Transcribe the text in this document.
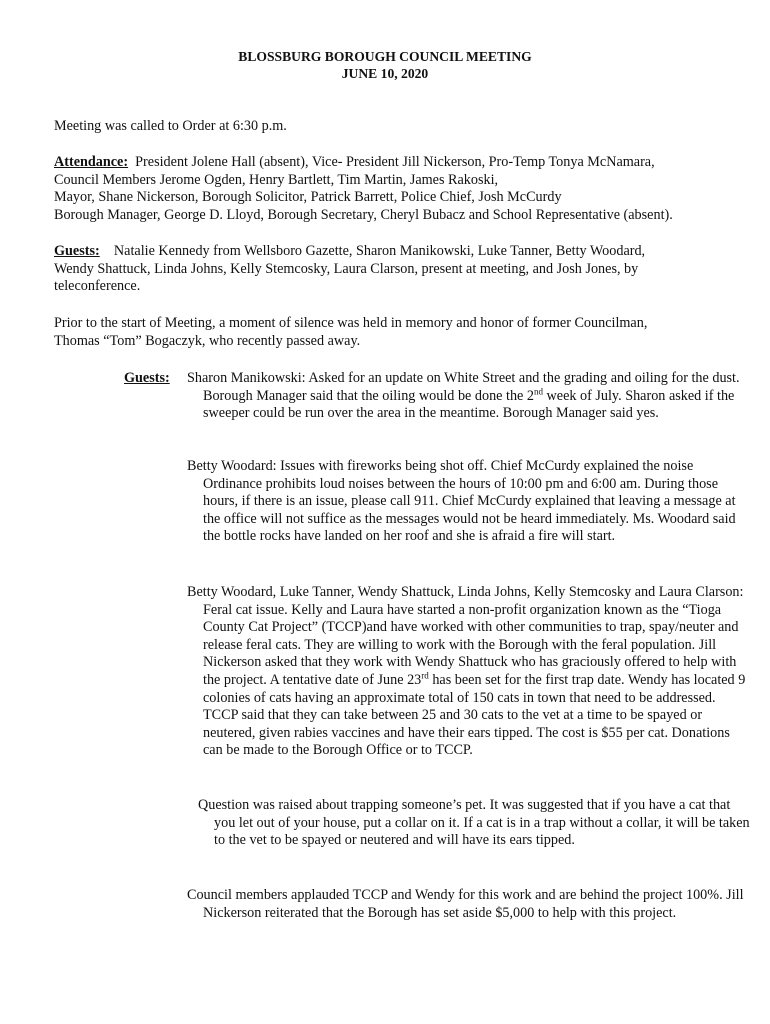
BLOSSBURG BOROUGH COUNCIL MEETING
JUNE 10, 2020
Meeting was called to Order at 6:30 p.m.
Attendance: President Jolene Hall (absent), Vice- President Jill Nickerson, Pro-Temp Tonya McNamara,
Council Members Jerome Ogden, Henry Bartlett, Tim Martin, James Rakoski,
Mayor, Shane Nickerson, Borough Solicitor, Patrick Barrett, Police Chief, Josh McCurdy
Borough Manager, George D. Lloyd, Borough Secretary, Cheryl Bubacz and School Representative (absent).
Guests: Natalie Kennedy from Wellsboro Gazette, Sharon Manikowski, Luke Tanner, Betty Woodard,
Wendy Shattuck, Linda Johns, Kelly Stemcosky, Laura Clarson, present at meeting, and Josh Jones, by
teleconference.
Prior to the start of Meeting, a moment of silence was held in memory and honor of former Councilman,
Thomas “Tom” Bogaczyk, who recently passed away.
Guests: Sharon Manikowski: Asked for an update on White Street and the grading and oiling for the dust. Borough Manager said that the oiling would be done the 2nd week of July. Sharon asked if the sweeper could be run over the area in the meantime. Borough Manager said yes.
Betty Woodard: Issues with fireworks being shot off. Chief McCurdy explained the noise Ordinance prohibits loud noises between the hours of 10:00 pm and 6:00 am. During those hours, if there is an issue, please call 911. Chief McCurdy explained that leaving a message at the office will not suffice as the messages would not be heard immediately. Ms. Woodard said the bottle rocks have landed on her roof and she is afraid a fire will start.
Betty Woodard, Luke Tanner, Wendy Shattuck, Linda Johns, Kelly Stemcosky and Laura Clarson: Feral cat issue. Kelly and Laura have started a non-profit organization known as the “Tioga County Cat Project” (TCCP)and have worked with other communities to trap, spay/neuter and release feral cats. They are willing to work with the Borough with the feral population. Jill Nickerson asked that they work with Wendy Shattuck who has graciously offered to help with the project. A tentative date of June 23rd has been set for the first trap date. Wendy has located 9 colonies of cats having an approximate total of 150 cats in town that need to be addressed. TCCP said that they can take between 25 and 30 cats to the vet at a time to be spayed or neutered, given rabies vaccines and have their ears tipped. The cost is $55 per cat. Donations can be made to the Borough Office or to TCCP.
Question was raised about trapping someone’s pet. It was suggested that if you have a cat that you let out of your house, put a collar on it. If a cat is in a trap without a collar, it will be taken to the vet to be spayed or neutered and will have its ears tipped.
Council members applauded TCCP and Wendy for this work and are behind the project 100%. Jill Nickerson reiterated that the Borough has set aside $5,000 to help with this project.
